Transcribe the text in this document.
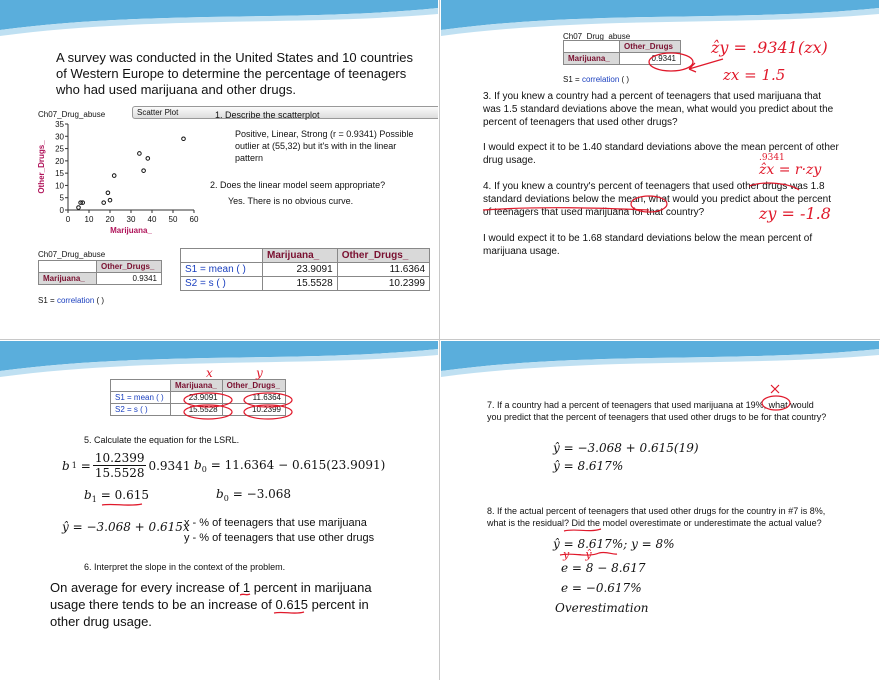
A survey was conducted in the United States and 10 countries of Western Europe to determine the percentage of teenagers who had used marijuana and other drugs.
Ch07_Drug_abuse	Scatter Plot ▾
0
5
10
15
20
25
30
35
0 10 20 30 40 50 60
Marijuana_
Other_Drugs_
1. Describe the scatterplot
Positive, Linear, Strong (r = 0.9341) Possible outlier at (55,32) but it's with in the linear pattern
2. Does the linear model seem appropriate?
Yes. There is no obvious curve.
Ch07_Drug_abuse
	Other_Drugs_
Marijuana_	0.9341
S1 = correlation ( )
	Marijuana_	Other_Drugs_
S1 = mean ( )	23.9091	11.6364
S2 = s ( )	15.5528	10.2399
Ch07_Drug_abuse
	Other_Drugs
Marijuana_	0.9341
S1 = correlation ( )
ẑy = .9341(zx)
zx = 1.5
3. If you knew a country had a percent of teenagers that used marijuana that was 1.5 standard deviations above the mean, what would you predict about the percent of teenagers that used other drugs?
I would expect it to be 1.40 standard deviations above the mean percent of other drug usage.	.9341
ẑx = r·zy
4. If you knew a country's percent of teenagers that used other drugs was 1.8 standard deviations below the mean, what would you predict about the percent of teenagers that used marijuana for that country?	zy = -1.8
I would expect it to be 1.68 standard deviations below the mean percent of marijuana usage.
	Marijuana_	Other_Drugs_
S1 = mean ( )	23.9091	11.6364
S2 = s ( )	15.5528	10.2399
x	y
5. Calculate the equation for the LSRL.
b $1 = \frac{10.2399}{15.5528} 0.9341$ $b_0 = 11.6364 - 0.615(23.9091)$
$b_1 = 0.615$	$b_0 = -3.068$
ŷ = −3.068 + 0.615x
x - % of teenagers that use marijuana
y - % of teenagers that use other drugs
6. Interpret the slope in the context of the problem.
On average for every increase of 1 percent in marijuana usage there tends to be an increase of 0.615 percent in other drug usage.
7. If a country had a percent of teenagers that used marijuana at 19%, what would you predict that the percent of teenagers that used other drugs to be for that country?
ŷ = −3.068 + 0.615(19)
ŷ = 8.617%
8. If the actual percent of teenagers that used other drugs for the country in #7 is 8%, what is the residual? Did the model overestimate or underestimate the actual value?
ŷ = 8.617%; y = 8%
y − ŷ
e = 8 − 8.617
e = −0.617%
Overestimation
